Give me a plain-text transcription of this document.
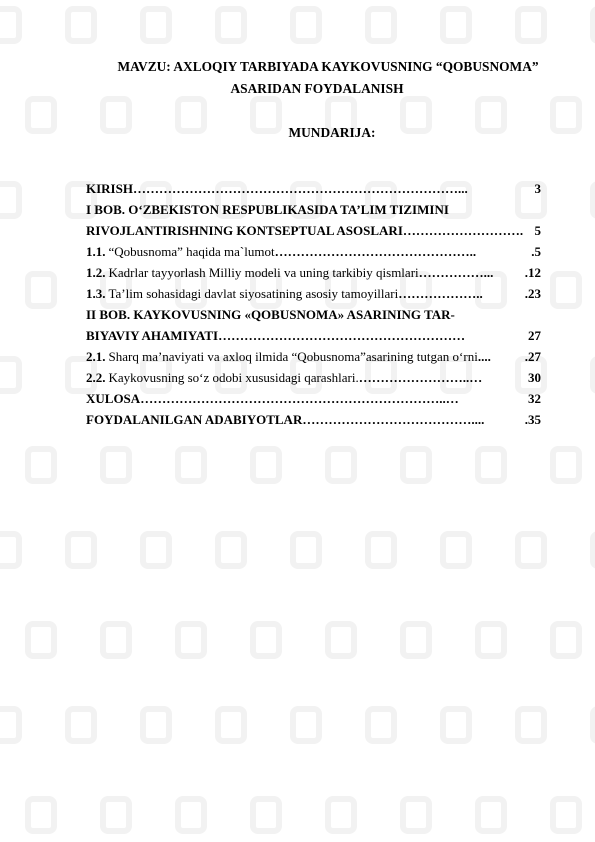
MAVZU: AXLOQIY TARBIYADA KAYKOVUSNING “QOBUSNOMA”
ASARIDAN FOYDALANISH
MUNDARIJA:
KIRISH …………………………………………………………………...	3
I BOB. O‘ZBEKISTON RESPUBLIKASIDA TA’LIM TIZIMINI
RIVOJLANTIRISHNING KONTSEPTUAL ASOSLARI ………………………. 5
1.1. “Qobusnoma” haqida ma`lumot ………………………………………..	.5
1.2. Kadrlar tayyorlash Milliy modeli va uning tarkibiy qismlari ……………...	.12
1.3. Ta’lim sohasidagi davlat siyosatining asosiy tamoyillari ………………..	.23
II BOB. KAYKOVUSNING «QOBUSNOMA» ASARINING TAR-
BIYAVIY AHAMIYATI …………………………………………………	27
2.1. Sharq ma’naviyati va axloq ilmida “Qobusnoma”asarining tutgan o‘rni ....	.27
2.2. Kaykovusning so‘z odobi xususidagi qarashlari. ……………………..…	30
XULOSA ……………………………………………………………..…	32
FOYDALANILGAN ADABIYOTLAR …………………………………....	.35
